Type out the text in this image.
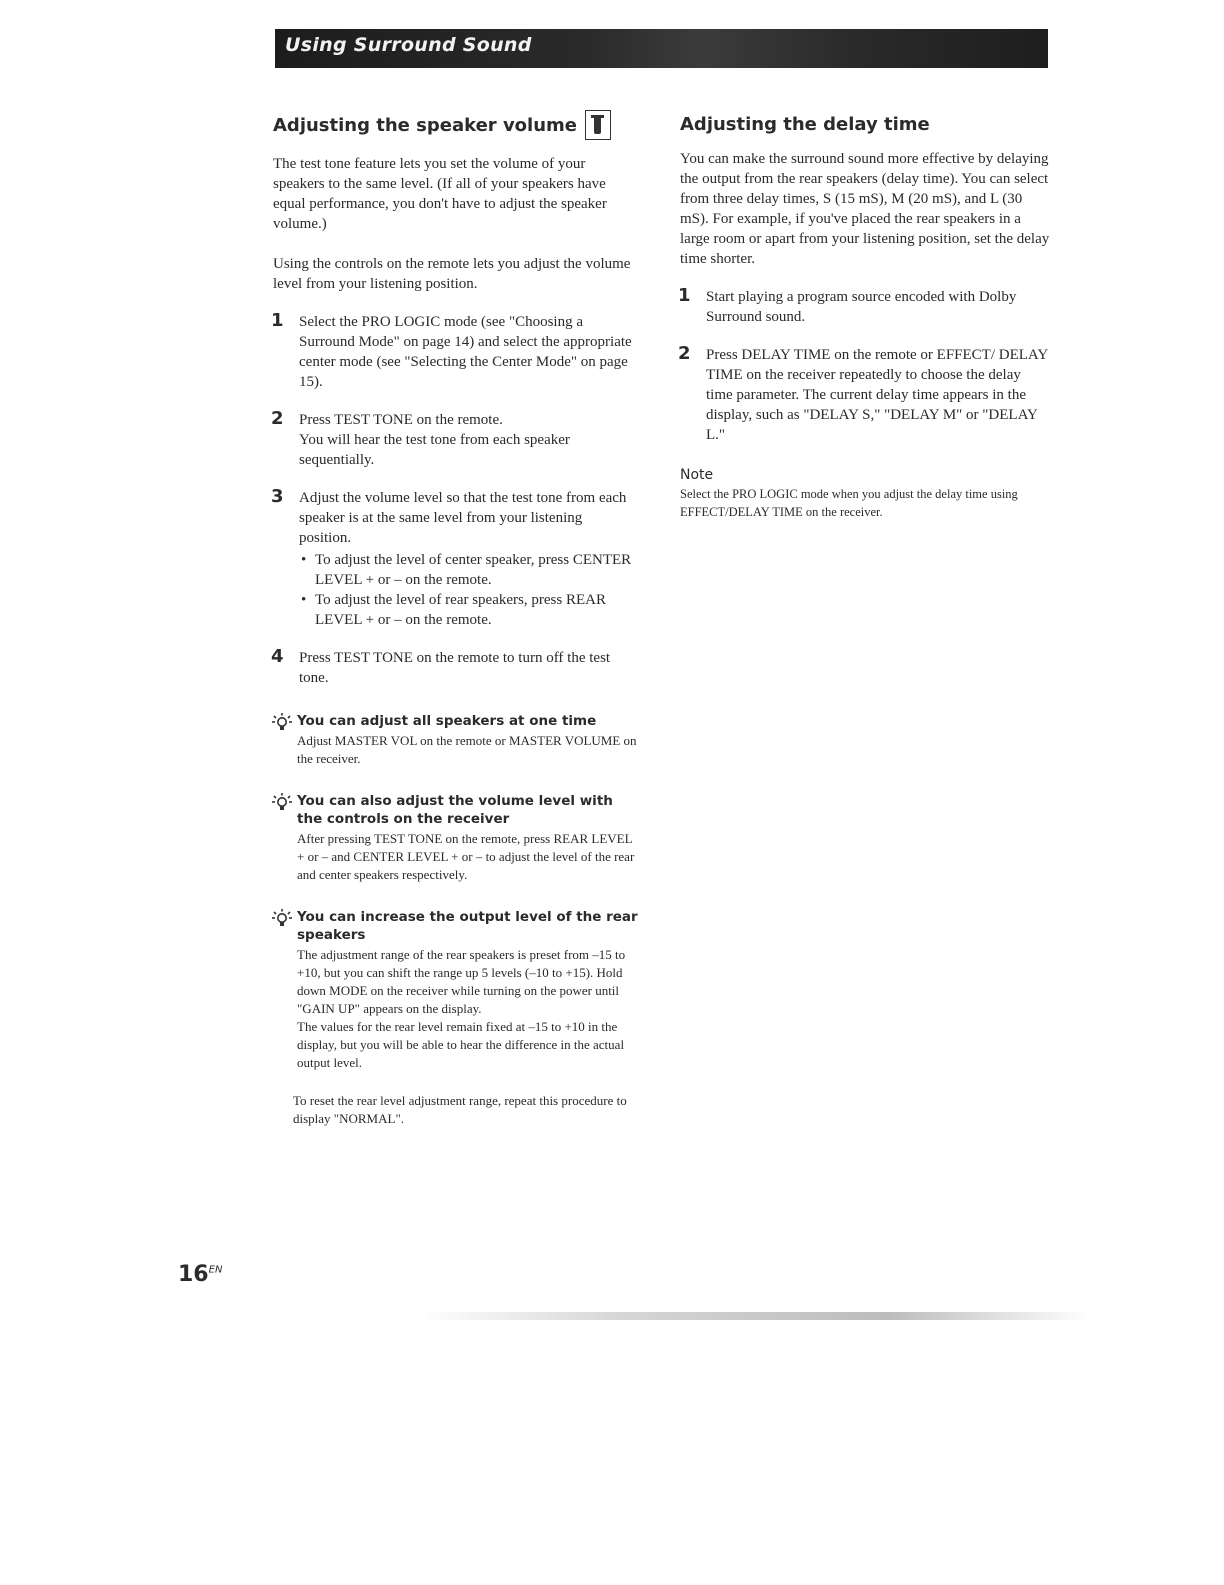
Using Surround Sound
Adjusting the speaker volume

The test tone feature lets you set the volume of your speakers to the same level. (If all of your speakers have equal performance, you don't have to adjust the speaker volume.)

Using the controls on the remote lets you adjust the volume level from your listening position.

1 Select the PRO LOGIC mode (see "Choosing a Surround Mode" on page 14) and select the appropriate center mode (see "Selecting the Center Mode" on page 15).
2 Press TEST TONE on the remote.
You will hear the test tone from each speaker sequentially.
3 Adjust the volume level so that the test tone from each speaker is at the same level from your listening position.
• To adjust the level of center speaker, press CENTER LEVEL + or – on the remote.
• To adjust the level of rear speakers, press REAR LEVEL + or – on the remote.
4 Press TEST TONE on the remote to turn off the test tone.
You can adjust all speakers at one time
Adjust MASTER VOL on the remote or MASTER VOLUME on the receiver.
You can also adjust the volume level with the controls on the receiver
After pressing TEST TONE on the remote, press REAR LEVEL + or – and CENTER LEVEL + or – to adjust the level of the rear and center speakers respectively.
You can increase the output level of the rear speakers
The adjustment range of the rear speakers is preset from –15 to +10, but you can shift the range up 5 levels (–10 to +15). Hold down MODE on the receiver while turning on the power until "GAIN UP" appears on the display.
The values for the rear level remain fixed at –15 to +10 in the display, but you will be able to hear the difference in the actual output level.
To reset the rear level adjustment range, repeat this procedure to display "NORMAL".
Adjusting the delay time

You can make the surround sound more effective by delaying the output from the rear speakers (delay time). You can select from three delay times, S (15 mS), M (20 mS), and L (30 mS). For example, if you've placed the rear speakers in a large room or apart from your listening position, set the delay time shorter.

1 Start playing a program source encoded with Dolby Surround sound.
2 Press DELAY TIME on the remote or EFFECT/ DELAY TIME on the receiver repeatedly to choose the delay time parameter. The current delay time appears in the display, such as "DELAY S," "DELAY M" or "DELAY L."
Note
Select the PRO LOGIC mode when you adjust the delay time using EFFECT/DELAY TIME on the receiver.
$16^{EN}$
